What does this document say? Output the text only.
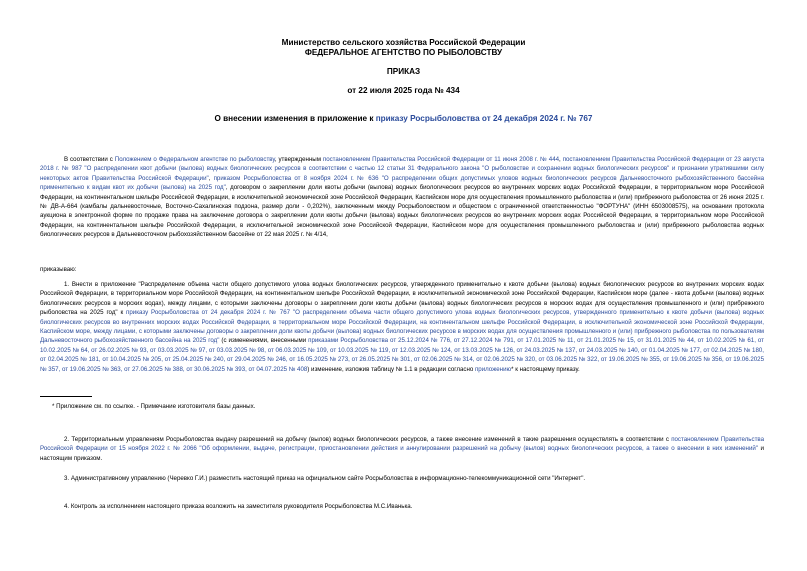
Министерство сельского хозяйства Российской Федерации
ФЕДЕРАЛЬНОЕ АГЕНТСТВО ПО РЫБОЛОВСТВУ
ПРИКАЗ
от 22 июля 2025 года № 434
О внесении изменения в приложение к приказу Росрыболовства от 24 декабря 2024 г. № 767
В соответствии с Положением о Федеральном агентстве по рыболовству, утвержденным постановлением Правительства Российской Федерации от 11 июня 2008 г. № 444, постановлением Правительства Российской Федерации от 23 августа 2018 г. № 987 "О распределении квот добычи (вылова) водных биологических ресурсов в соответствии с частью 12 статьи 31 Федерального закона "О рыболовстве и сохранении водных биологических ресурсов" и признании утратившими силу некоторых актов Правительства Российской Федерации", приказом Росрыболовства от 8 ноября 2024 г. № 636 "О распределении общих допустимых уловов водных биологических ресурсов Дальневосточного рыбохозяйственного бассейна применительно к видам квот их добычи (вылова) на 2025 год", договором о закреплении доли квоты добычи (вылова) водных биологических ресурсов во внутренних морских водах Российской Федерации, в территориальном море Российской Федерации, на континентальном шельфе Российской Федерации, в исключительной экономической зоне Российской Федерации, Каспийском море для осуществления промышленного рыболовства и (или) прибрежного рыболовства от 26 июня 2025 г. № ДВ-А-664 (камбалы дальневосточные, Восточно-Сахалинская подзона, размер доли - 0,202%), заключенным между Росрыболовством и обществом с ограниченной ответственностью "ФОРТУНА" (ИНН 6503008575), на основании протокола аукциона в электронной форме по продаже права на заключение договора о закреплении доли квоты добычи (вылова) водных биологических ресурсов во внутренних морских водах Российской Федерации, в территориальном море Российской Федерации, на континентальном шельфе Российской Федерации, в исключительной экономической зоне Российской Федерации, Каспийском море для осуществления промышленного рыболовства и (или) прибрежного рыболовства водных биологических ресурсов в Дальневосточном рыбохозяйственном бассейне от 22 мая 2025 г. № 4/14,
приказываю:
1. Внести в приложение "Распределение объема части общего допустимого улова водных биологических ресурсов, утвержденного применительно к квоте добычи (вылова) водных биологических ресурсов во внутренних морских водах Российской Федерации, в территориальном море Российской Федерации, на континентальном шельфе Российской Федерации, в исключительной экономической зоне Российской Федерации, Каспийском море (далее - квота добычи (вылова) водных биологических ресурсов в морских водах), между лицами, с которыми заключены договоры о закреплении доли квоты добычи (вылова) водных биологических ресурсов в морских водах для осуществления промышленного и (или) прибрежного рыболовства на 2025 год" к приказу Росрыболовства от 24 декабря 2024 г. № 767 "О распределении объема части общего допустимого улова водных биологических ресурсов, утвержденного применительно к квоте добычи (вылова) водных биологических ресурсов во внутренних морских водах Российской Федерации, в территориальном море Российской Федерации, на континентальном шельфе Российской Федерации, в исключительной экономической зоне Российской Федерации, Каспийском море, между лицами, с которыми заключены договоры о закреплении доли квоты добычи (вылова) водных биологических ресурсов в морских водах для осуществления промышленного и (или) прибрежного рыболовства по пользователям Дальневосточного рыбохозяйственного бассейна на 2025 год" (с изменениями, внесенными приказами Росрыболовства от 25.12.2024 № 776, от 27.12.2024 № 791, от 17.01.2025 № 11, от 21.01.2025 № 15, от 31.01.2025 № 44, от 10.02.2025 № 61, от 10.02.2025 № 64, от 26.02.2025 № 93, от 03.03.2025 № 97, от 03.03.2025 № 98, от 06.03.2025 № 109, от 10.03.2025 № 119, от 12.03.2025 № 124, от 13.03.2025 № 126, от 24.03.2025 № 137, от 24.03.2025 № 140, от 01.04.2025 № 177, от 02.04.2025 № 180, от 02.04.2025 № 181, от 10.04.2025 № 205, от 25.04.2025 № 240, от 29.04.2025 № 246, от 16.05.2025 № 273, от 26.05.2025 № 301, от 02.06.2025 № 314, от 02.06.2025 № 320, от 03.06.2025 № 322, от 19.06.2025 № 355, от 19.06.2025 № 356, от 19.06.2025 № 357, от 19.06.2025 № 363, от 27.06.2025 № 388, от 30.06.2025 № 393, от 04.07.2025 № 408) изменение, изложив таблицу № 1.1 в редакции согласно приложению* к настоящему приказу.
* Приложение см. по ссылке. - Примечание изготовителя базы данных.
2. Территориальным управлениям Росрыболовства выдачу разрешений на добычу (вылов) водных биологических ресурсов, а также внесение изменений в такие разрешения осуществлять в соответствии с постановлением Правительства Российской Федерации от 15 ноября 2022 г. № 2066 "Об оформлении, выдаче, регистрации, приостановлении действия и аннулировании разрешений на добычу (вылов) водных биологических ресурсов, а также о внесении в них изменений" и настоящим приказом.
3. Административному управлению (Черевко Г.И.) разместить настоящий приказ на официальном сайте Росрыболовства в информационно-телекоммуникационной сети "Интернет".
4. Контроль за исполнением настоящего приказа возложить на заместителя руководителя Росрыболовства М.С.Иванька.
